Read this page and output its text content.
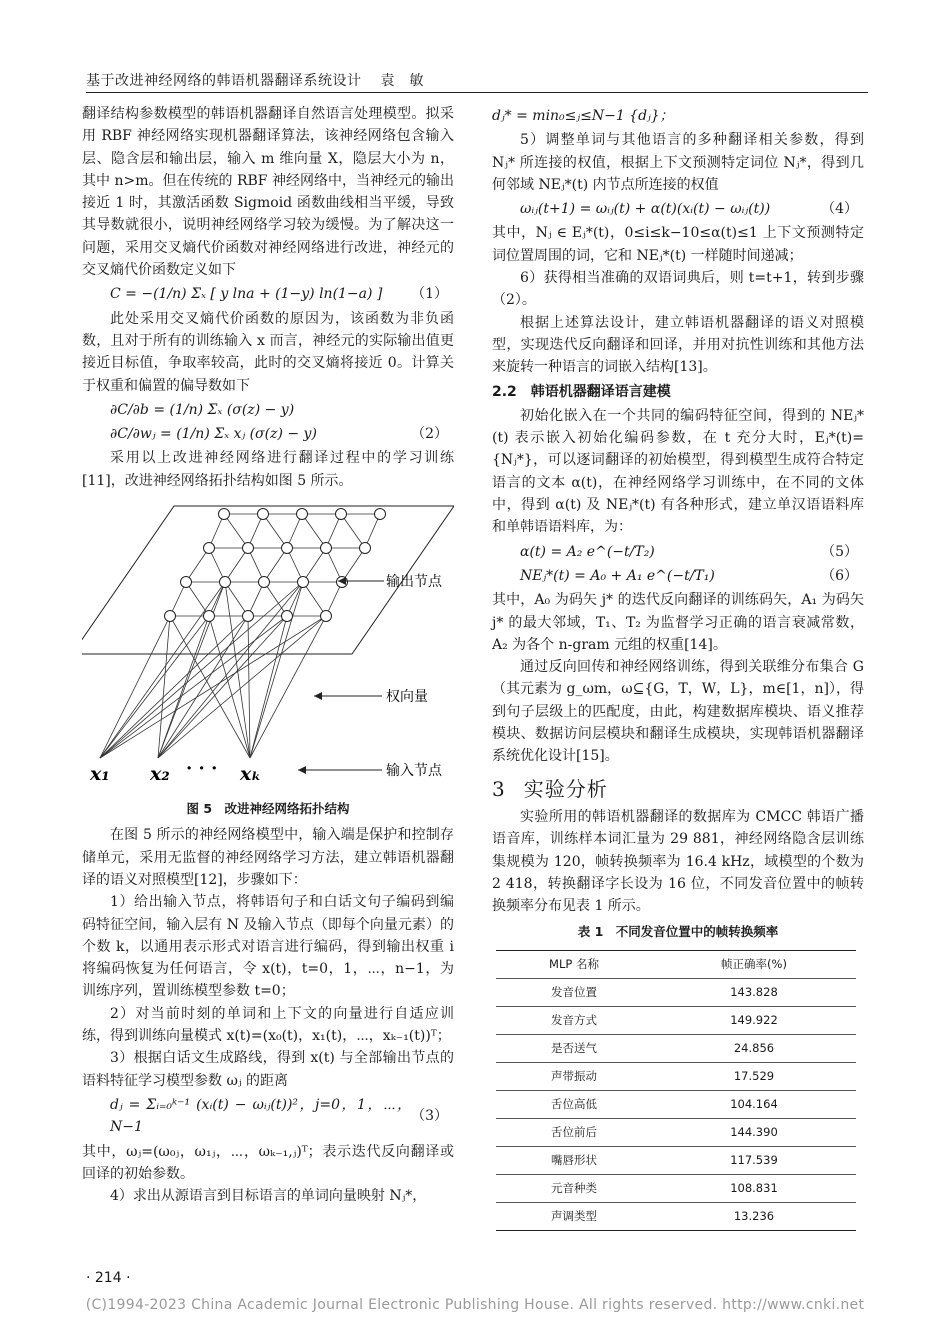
基于改进神经网络的韩语机器翻译系统设计 袁　敏

翻译结构参数模型的韩语机器翻译自然语言处理模型。拟采用 RBF 神经网络实现机器翻译算法，该神经网络包含输入层、隐含层和输出层，输入 m 维向量 X，隐层大小为 n，其中 n>m。但在传统的 RBF 神经网络中，当神经元的输出接近 1 时，其激活函数 Sigmoid 函数曲线相当平缓，导致其导数就很小，说明神经网络学习较为缓慢。为了解决这一问题，采用交叉熵代价函数对神经网络进行改进，神经元的交叉熵代价函数定义如下

C = −(1/n) Σₓ [ y lna + (1−y) ln(1−a) ] （1）

此处采用交叉熵代价函数的原因为，该函数为非负函数，且对于所有的训练输入 x 而言，神经元的实际输出值更接近目标值，争取率较高，此时的交叉熵将接近 0。计算关于权重和偏置的偏导数如下

∂C/∂b = (1/n) Σₓ (σ(z) − y)
∂C/∂wⱼ = (1/n) Σₓ xⱼ (σ(z) − y)	（2）

采用以上改进神经网络进行翻译过程中的学习训练[11]，改进神经网络拓扑结构如图 5 所示。

输出节点
权向量
输入节点
x₁ x₂ · · · xₖ
图 5　改进神经网络拓扑结构

在图 5 所示的神经网络模型中，输入端是保护和控制存储单元，采用无监督的神经网络学习方法，建立韩语机器翻译的语义对照模型[12]，步骤如下：

1）给出输入节点，将韩语句子和白话文句子编码到编码特征空间，输入层有 N 及输入节点（即每个向量元素）的个数 k，以通用表示形式对语言进行编码，得到输出权重 i 将编码恢复为任何语言，令 x(t)，t=0，1，⋯，n−1，为训练序列，置训练模型参数 t=0；

2）对当前时刻的单词和上下文的向量进行自适应训练，得到训练向量模式 x(t)=(x₀(t)，x₁(t)，⋯，xₖ₋₁(t))ᵀ；

3）根据白话文生成路线，得到 x(t) 与全部输出节点的语料特征学习模型参数 ωⱼ 的距离

dⱼ = Σᵢ₌₀ᵏ⁻¹ (xᵢ(t) − ωᵢⱼ(t))²，j=0，1，⋯，N−1
（3）

其中，ωⱼ=(ω₀ⱼ，ω₁ⱼ，⋯，ωₖ₋₁,ⱼ)ᵀ；表示迭代反向翻译或回译的初始参数。

4）求出从源语言到目标语言的单词向量映射 Nⱼ*，

dⱼ* = min₀≤ⱼ≤N−1 {dⱼ}；

5）调整单词与其他语言的多种翻译相关参数，得到 Nⱼ* 所连接的权值，根据上下文预测特定词位 Nⱼ*，得到几何邻域 NEⱼ*(t) 内节点所连接的权值

ωᵢⱼ(t+1) = ωᵢⱼ(t) + α(t)(xᵢ(t) − ωᵢⱼ(t))	（4）

其中，Nⱼ ∈ Eⱼ*(t)，0≤i≤k−10≤α(t)≤1 上下文预测特定词位置周围的词，它和 NEⱼ*(t) 一样随时间递减；

6）获得相当准确的双语词典后，则 t=t+1，转到步骤（2）。

根据上述算法设计，建立韩语机器翻译的语义对照模型，实现迭代反向翻译和回译，并用对抗性训练和其他方法来旋转一种语言的词嵌入结构[13]。

2.2　韩语机器翻译语言建模

初始化嵌入在一个共同的编码特征空间，得到的 NEⱼ*(t) 表示嵌入初始化编码参数，在 t 充分大时，Eⱼ*(t)={Nⱼ*}，可以逐词翻译的初始模型，得到模型生成符合特定语言的文本 α(t)，在神经网络学习训练中，在不同的文体中，得到 α(t) 及 NEⱼ*(t) 有各种形式，建立单汉语语料库和单韩语语料库，为：

α(t) = A₂ e^(−t/T₂)	（5）
NEⱼ*(t) = A₀ + A₁ e^(−t/T₁)	（6）

其中，A₀ 为码矢 j* 的迭代反向翻译的训练码矢，A₁ 为码矢 j* 的最大邻域，T₁、T₂ 为监督学习正确的语言衰减常数，A₂ 为各个 n-gram 元组的权重[14]。

通过反向回传和神经网络训练，得到关联维分布集合 G（其元素为 g_ωm，ω⊆{G，T，W，L}，m∈[1，n]），得到句子层级上的匹配度，由此，构建数据库模块、语义推荐模块、数据访问层模块和翻译生成模块，实现韩语机器翻译系统优化设计[15]。

3 实验分析

实验所用的韩语机器翻译的数据库为 CMCC 韩语广播语音库，训练样本词汇量为 29 881，神经网络隐含层训练集规模为 120，帧转换频率为 16.4 kHz，域模型的个数为 2 418，转换翻译字长设为 16 位，不同发音位置中的帧转换频率分布见表 1 所示。

表 1　不同发音位置中的帧转换频率
MLP 名称	帧正确率(%)
发音位置	143.828
发音方式	149.922
是否送气	24.856
声带振动	17.529
舌位高低	104.164
舌位前后	144.390
嘴唇形状	117.539
元音种类	108.831
声调类型	13.236
· 214 ·
(C)1994-2023 China Academic Journal Electronic Publishing House. All rights reserved. http://www.cnki.net
